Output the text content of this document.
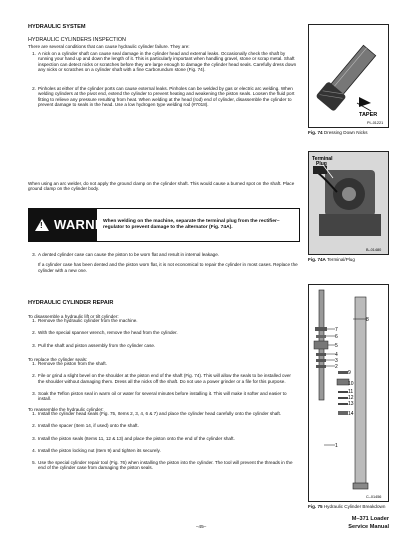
HYDRAULIC SYSTEM
HYDRAULIC CYLINDERS INSPECTION
There are several conditions that can cause hydraulic cylinder failure. They are:
1. A nick on a cylinder shaft can cause seal damage in the cylinder head and external leaks. Occasionally check the shaft by running your hand up and down the length of it. This is particularly important when handling gravel, stone or scrap metal. Shaft inspection can detect nicks or scratches before they are large enough to damage the cylinder head seals. Carefully dress down any nicks or scratches on a cylinder shaft with a fine Carborundum stone (Fig. 74).
2. Pinholes at either of the cylinder ports can cause external leaks. Pinholes can be welded by gas or electric arc welding. When welding cylinders at the pivot end, extend the cylinder to prevent heating and weakening the piston seals. Loosen the fluid port fitting to relieve any pressure resulting from heat. When welding at the head (rod) end of cylinder, disassemble the cylinder to prevent damage to seals in the head. Use a low hydrogen type welding rod (#7018).
When using an arc welder, do not apply the ground clamp on the cylinder shaft. This would cause a burned spot on the shaft. Place ground clamp on the cylinder body.
! WARNING
When welding on the machine, separate the terminal plug from the rectifier–regulator to prevent damage to the alternator (Fig. 74A).
3. A dented cylinder case can cause the piston to be worn flat and result in internal leakage.
If a cylinder case has been dented and the piston worn flat, it is not economical to repair the cylinder in most cases. Replace the cylinder with a new one.
HYDRAULIC CYLINDER REPAIR
To disassemble a hydraulic lift or tilt cylinder:
1. Remove the hydraulic cylinder from the machine.
2. With the special spanner wrench, remove the head from the cylinder.
3. Pull the shaft and piston assembly from the cylinder case.
To replace the cylinder seals:
1. Remove the piston from the shaft.
2. File or grind a slight bevel on the shoulder at the piston end of the shaft (Fig. 74). This will allow the seals to be installed over the shoulder without damaging them. Dress all the nicks off the shaft. Do not use a power grinder or a file for this purpose.
3. Soak the Teflon piston seal in warm oil or water for several minutes before installing it. This will make it softer and easier to install.
To reassemble the hydraulic cylinder:
1. Install the cylinder head seals (Fig. 75, Items 2, 3, 4, 6 & 7) and place the cylinder head carefully onto the cylinder shaft.
2. Install the spacer (Item 14, if used) onto the shaft.
3. Install the piston seals (Items 11, 12 & 13) and place the piston onto the end of the cylinder shaft.
4. Install the piston locking nut (Item 9) and tighten its securely.
5. Use the special cylinder repair tool (Fig. 76) when installing the piston into the cylinder. The tool will prevent the threads in the end of the cylinder case from damaging the piston seals.
TAPER
PI–01221
Fig. 74 Dressing Down Nicks
Terminal
Plug
B–01480
Fig. 74A Terminal/Plug
8
7
6
5
4
3
2
9
10
11
12
13
14
1
C–01456
Fig. 75 Hydraulic Cylinder Breakdown
–45–
M–371 Loader
Service Manual
